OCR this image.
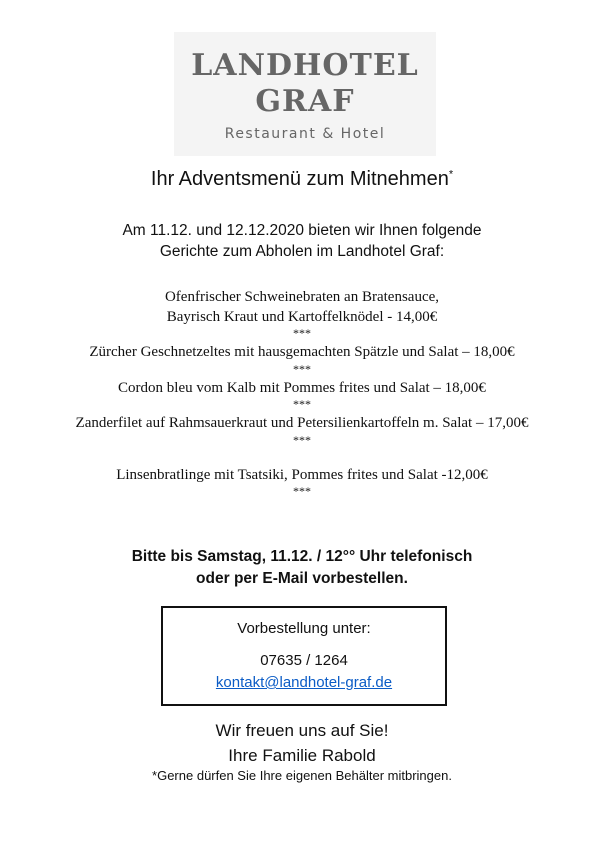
LANDHOTEL
GRAF
Restaurant & Hotel
Ihr Adventsmenü zum Mitnehmen*
Am 11.12. und 12.12.2020 bieten wir Ihnen folgende
Gerichte zum Abholen im Landhotel Graf:
Ofenfrischer Schweinebraten an Bratensauce,
Bayrisch Kraut und Kartoffelknödel - 14,00€
***
Zürcher Geschnetzeltes mit hausgemachten Spätzle und Salat – 18,00€
***
Cordon bleu vom Kalb mit Pommes frites und Salat – 18,00€
***
Zanderfilet auf Rahmsauerkraut und Petersilienkartoffeln m. Salat – 17,00€
***
Linsenbratlinge mit Tsatsiki, Pommes frites und Salat -12,00€
***
Bitte bis Samstag, 11.12. / 12°° Uhr telefonisch
oder per E-Mail vorbestellen.
Vorbestellung unter:
07635 / 1264
kontakt@landhotel-graf.de
Wir freuen uns auf Sie!
Ihre Familie Rabold
*Gerne dürfen Sie Ihre eigenen Behälter mitbringen.
